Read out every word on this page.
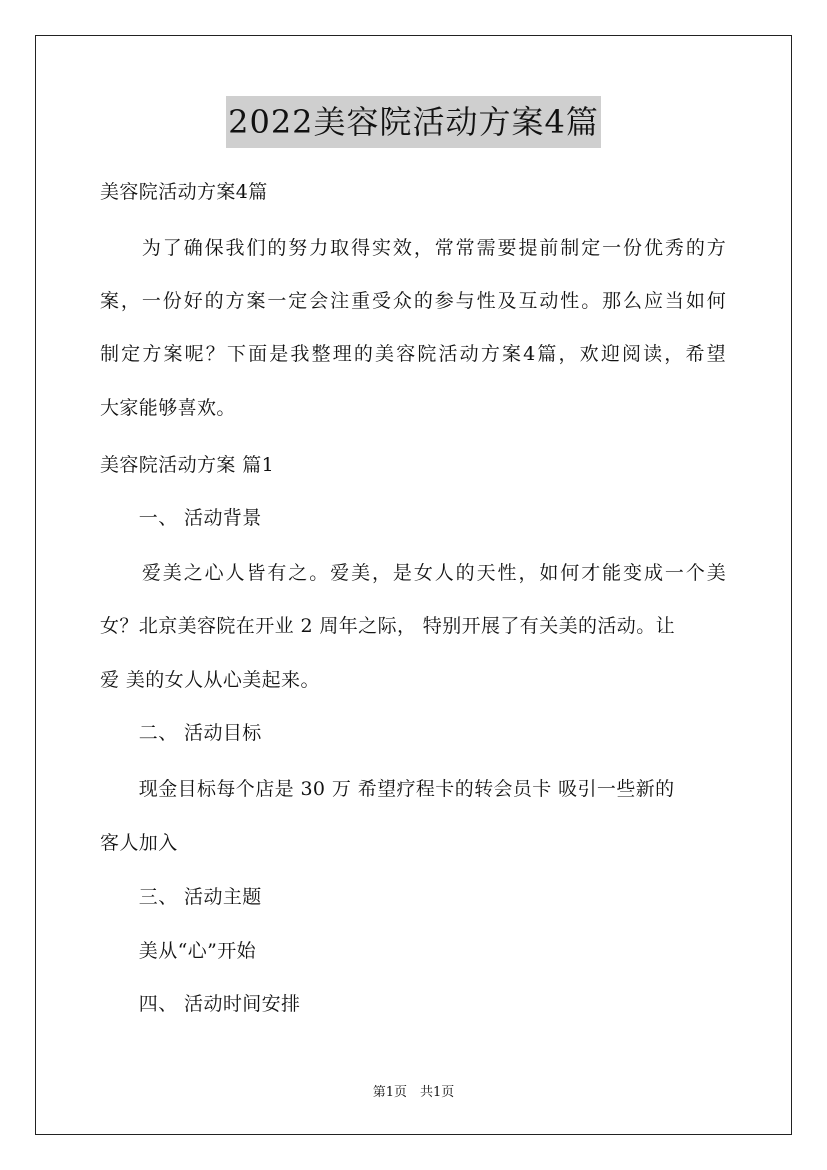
2022美容院活动方案4篇
美容院活动方案4篇

为 了 确 保 我 们 的 努 力 取 得 实 效 ， 常 常 需 要 提 前 制 定 一 份 优 秀 的 方
案 ， 一 份 好 的 方 案 一 定 会 注 重 受 众 的 参 与 性 及 互 动 性 。 那 么 应 当 如 何
制 定 方 案 呢 ？ 下 面 是 我 整 理 的 美 容 院 活 动 方 案 4 篇 ， 欢 迎 阅 读 ， 希 望
大家能够喜欢。
美容院活动方案 篇1
　　一、 活动背景

爱 美 之 心 人 皆 有 之 。 爱 美 ， 是 女 人 的 天 性 ， 如 何 才 能 变 成 一 个 美
女？北京美容院在开业 2 周年之际， 特别开展了有关美的活动。让
爱 美的女人从心美起来。
　　二、 活动目标
　　现金目标每个店是 30 万 希望疗程卡的转会员卡 吸引一些新的
客人加入
　　三、 活动主题
　　美从“心”开始
　　四、 活动时间安排
第1页　共1页
